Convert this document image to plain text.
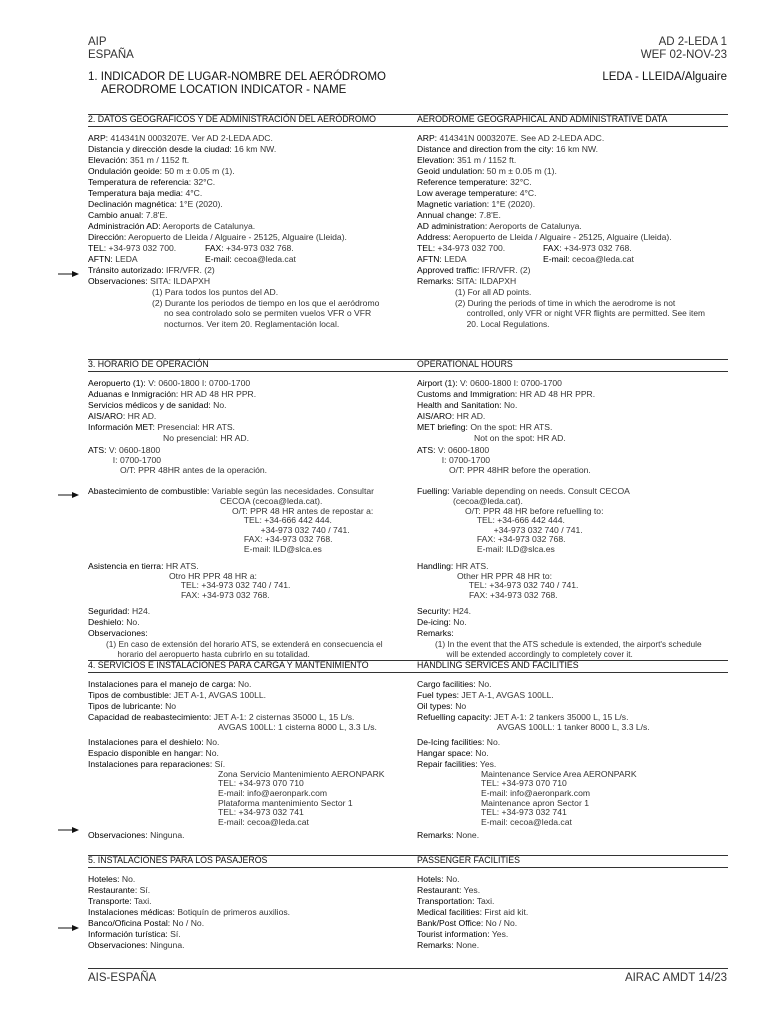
AIP
ESPAÑA
AD 2-LEDA 1
WEF 02-NOV-23
1. INDICADOR DE LUGAR-NOMBRE DEL AERÓDROMO
AERODROME LOCATION INDICATOR - NAME
LEDA - LLEIDA/Alguaire
2. DATOS GEOGRÁFICOS Y DE ADMINISTRACIÓN DEL AERÓDROMO	AERODROME GEOGRAPHICAL AND ADMINISTRATIVE DATA
ARP: 414341N 0003207E. Ver AD 2-LEDA ADC.
Distancia y dirección desde la ciudad: 16 km NW.
Elevación: 351 m / 1152 ft.
Ondulación geoide: 50 m ± 0.05 m (1).
Temperatura de referencia: 32°C.
Temperatura baja media: 4°C.
Declinación magnética: 1°E (2020).
Cambio anual: 7.8'E.
Administración AD: Aeroports de Catalunya.
Dirección: Aeropuerto de Lleida / Alguaire - 25125, Alguaire (Lleida).
TEL: +34-973 032 700.	FAX: +34-973 032 768.
AFTN: LEDA	E-mail: cecoa@leda.cat
Tránsito autorizado: IFR/VFR. (2)
Observaciones: SITA: ILDAPXH
(1) Para todos los puntos del AD.
(2) Durante los periodos de tiempo en los que el aeródromo
no sea controlado solo se permiten vuelos VFR o VFR
nocturnos. Ver item 20. Reglamentación local.
ARP: 414341N 0003207E. See AD 2-LEDA ADC.
Distance and direction from the city: 16 km NW.
Elevation: 351 m / 1152 ft.
Geoid undulation: 50 m ± 0.05 m (1).
Reference temperature: 32°C.
Low average temperature: 4°C.
Magnetic variation: 1°E (2020).
Annual change: 7.8'E.
AD administration: Aeroports de Catalunya.
Address: Aeropuerto de Lleida / Alguaire - 25125, Alguaire (Lleida).
TEL: +34-973 032 700.	FAX: +34-973 032 768.
AFTN: LEDA	E-mail: cecoa@leda.cat
Approved traffic: IFR/VFR. (2)
Remarks: SITA: ILDAPXH
(1) For all AD points.
(2) During the periods of time in which the aerodrome is not
controlled, only VFR or night VFR flights are permitted. See item
20. Local Regulations.
3. HORARIO DE OPERACIÓN	OPERATIONAL HOURS
Aeropuerto (1): V: 0600-1800 I: 0700-1700
Aduanas e Inmigración: HR AD 48 HR PPR.
Servicios médicos y de sanidad: No.
AIS/ARO: HR AD.
Información MET: Presencial: HR ATS.
No presencial: HR AD.
ATS: V: 0600-1800
I: 0700-1700
O/T: PPR 48HR antes de la operación.
Abastecimiento de combustible: Variable según las necesidades. Consultar
CECOA (cecoa@leda.cat).
O/T: PPR 48 HR antes de repostar a:
TEL: +34-666 442 444.
+34-973 032 740 / 741.
FAX: +34-973 032 768.
E-mail: ILD@slca.es
Asistencia en tierra: HR ATS.
Otro HR PPR 48 HR a:
TEL: +34-973 032 740 / 741.
FAX: +34-973 032 768.
Seguridad: H24.
Deshielo: No.
Observaciones:
(1) En caso de extensión del horario ATS, se extenderá en consecuencia el
horario del aeropuerto hasta cubrirlo en su totalidad.
Airport (1): V: 0600-1800 I: 0700-1700
Customs and Immigration: HR AD 48 HR PPR.
Health and Sanitation: No.
AIS/ARO: HR AD.
MET briefing: On the spot: HR ATS.
Not on the spot: HR AD.
ATS: V: 0600-1800
I: 0700-1700
O/T: PPR 48HR before the operation.
Fuelling: Variable depending on needs. Consult CECOA
(cecoa@leda.cat).
O/T: PPR 48 HR before refuelling to:
TEL: +34-666 442 444.
+34-973 032 740 / 741.
FAX: +34-973 032 768.
E-mail: ILD@slca.es
Handling: HR ATS.
Other HR PPR 48 HR to:
TEL: +34-973 032 740 / 741.
FAX: +34-973 032 768.
Security: H24.
De-icing: No.
Remarks:
(1) In the event that the ATS schedule is extended, the airport's schedule
will be extended accordingly to completely cover it.
4. SERVICIOS E INSTALACIONES PARA CARGA Y MANTENIMIENTO	HANDLING SERVICES AND FACILITIES
Instalaciones para el manejo de carga: No.
Tipos de combustible: JET A-1, AVGAS 100LL.
Tipos de lubricante: No
Capacidad de reabastecimiento: JET A-1: 2 cisternas 35000 L, 15 L/s.
AVGAS 100LL: 1 cisterna 8000 L, 3.3 L/s.
Instalaciones para el deshielo: No.
Espacio disponible en hangar: No.
Instalaciones para reparaciones: Sí.
Zona Servicio Mantenimiento AERONPARK
TEL: +34-973 070 710
E-mail: info@aeronpark.com
Plataforma mantenimiento Sector 1
TEL: +34-973 032 741
E-mail: cecoa@leda.cat
Observaciones: Ninguna.
Cargo facilities: No.
Fuel types: JET A-1, AVGAS 100LL.
Oil types: No
Refuelling capacity: JET A-1: 2 tankers 35000 L, 15 L/s.
AVGAS 100LL: 1 tanker 8000 L, 3.3 L/s.
De-Icing facilities: No.
Hangar space: No.
Repair facilities: Yes.
Maintenance Service Area AERONPARK
TEL: +34-973 070 710
E-mail: info@aeronpark.com
Maintenance apron Sector 1
TEL: +34-973 032 741
E-mail: cecoa@leda.cat
Remarks: None.
5. INSTALACIONES PARA LOS PASAJEROS	PASSENGER FACILITIES
Hoteles: No.
Restaurante: Sí.
Transporte: Taxi.
Instalaciones médicas: Botiquín de primeros auxilios.
Banco/Oficina Postal: No / No.
Información turística: Sí.
Observaciones: Ninguna.
Hotels: No.
Restaurant: Yes.
Transportation: Taxi.
Medical facilities: First aid kit.
Bank/Post Office: No / No.
Tourist information: Yes.
Remarks: None.
AIS-ESPAÑA	AIRAC AMDT 14/23
